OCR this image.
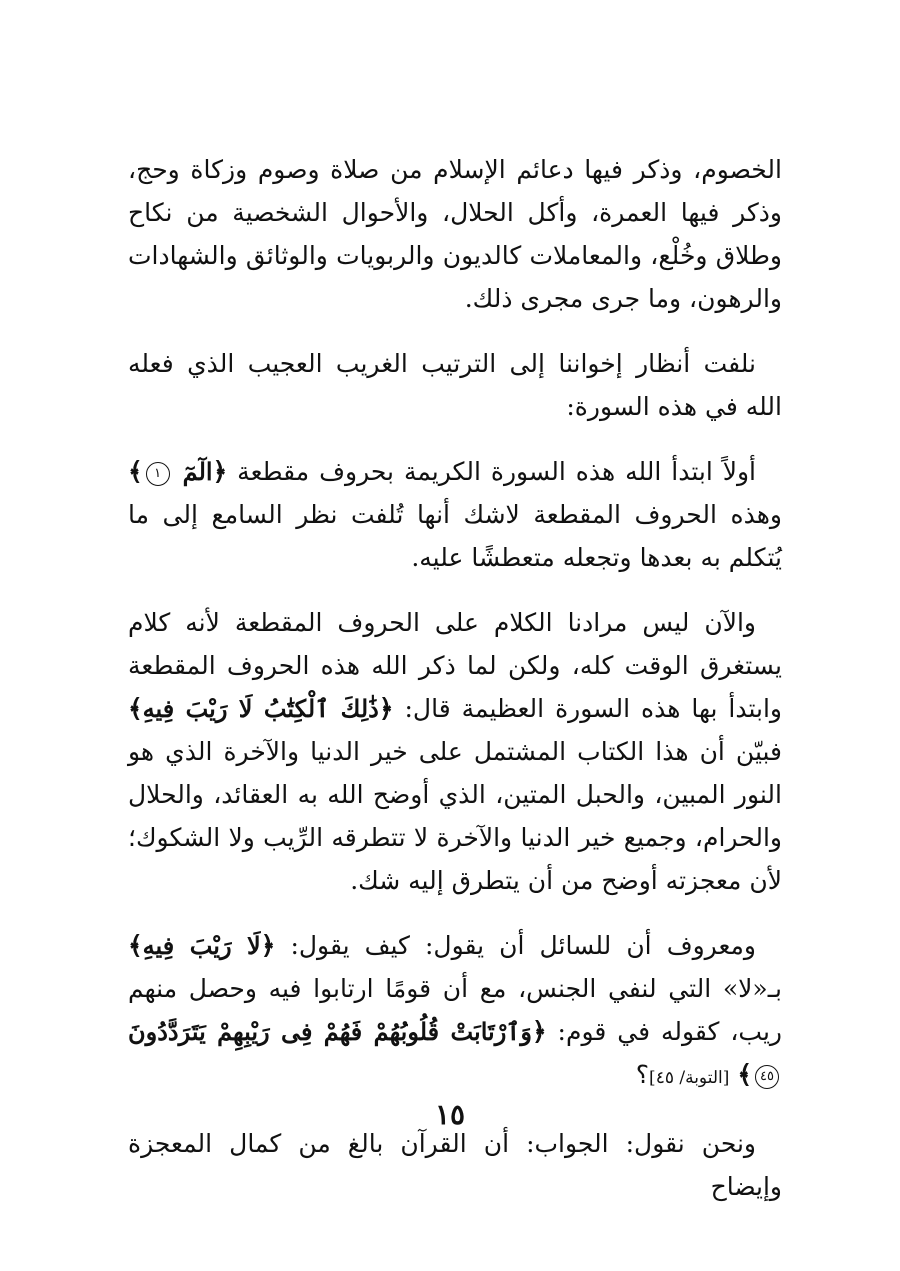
الخصوم، وذكر فيها دعائم الإسلام من صلاة وصوم وزكاة وحج، وذكر فيها العمرة، وأكل الحلال، والأحوال الشخصية من نكاح وطلاق وخُلْع، والمعاملات كالديون والربويات والوثائق والشهادات والرهون، وما جرى مجرى ذلك.

نلفت أنظار إخواننا إلى الترتيب الغريب العجيب الذي فعله الله في هذه السورة:

أولاً ابتدأ الله هذه السورة الكريمة بحروف مقطعة ﴿الٓمٓ ١﴾ وهذه الحروف المقطعة لاشك أنها تُلفت نظر السامع إلى ما يُتكلم به بعدها وتجعله متعطشًا عليه.

والآن ليس مرادنا الكلام على الحروف المقطعة لأنه كلام يستغرق الوقت كله، ولكن لما ذكر الله هذه الحروف المقطعة وابتدأ بها هذه السورة العظيمة قال: ﴿ذَٰلِكَ ٱلْكِتَٰبُ لَا رَيْبَ فِيهِ﴾ فبيّن أن هذا الكتاب المشتمل على خير الدنيا والآخرة الذي هو النور المبين، والحبل المتين، الذي أوضح الله به العقائد، والحلال والحرام، وجميع خير الدنيا والآخرة لا تتطرقه الرِّيب ولا الشكوك؛ لأن معجزته أوضح من أن يتطرق إليه شك.

ومعروف أن للسائل أن يقول: كيف يقول: ﴿لَا رَيْبَ فِيهِ﴾ بـ«لا» التي لنفي الجنس، مع أن قومًا ارتابوا فيه وحصل منهم ريب، كقوله في قوم: ﴿وَٱرْتَابَتْ قُلُوبُهُمْ فَهُمْ فِى رَيْبِهِمْ يَتَرَدَّدُونَ ٤٥﴾ [التوبة/ ٤٥]؟

ونحن نقول: الجواب: أن القرآن بالغ من كمال المعجزة وإيضاح

١٥
